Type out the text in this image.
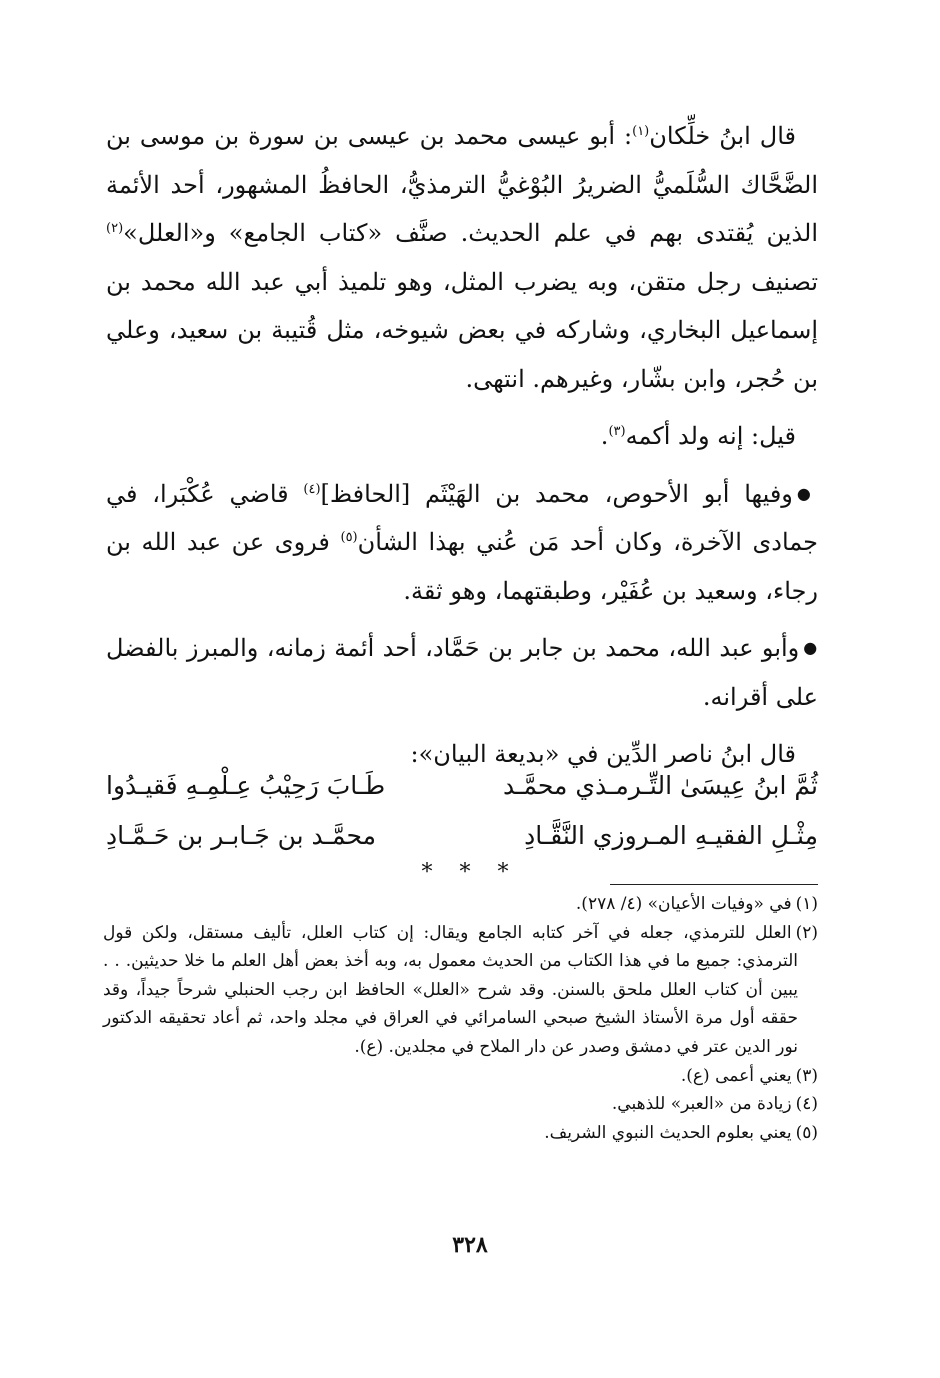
قال ابنُ خلِّكان$^{(١)}$: أبو عيسى محمد بن عيسى بن سورة بن موسى بن الضَّحَّاك السُّلَميُّ الضريرُ البُوْغيُّ الترمذيُّ، الحافظُ المشهور، أحد الأئمة الذين يُقتدى بهم في علم الحديث. صنَّف «كتاب الجامع» و«العلل»$^{(٢)}$ تصنيف رجل متقن، وبه يضرب المثل، وهو تلميذ أبي عبد الله محمد بن إسماعيل البخاري، وشاركه في بعض شيوخه، مثل قُتيبة بن سعيد، وعلي بن حُجر، وابن بشّار، وغيرهم. انتهى.

قيل: إنه ولد أكمه$^{(٣)}$.

● وفيها أبو الأحوص، محمد بن الهَيْثَم [الحافظ]$^{(٤)}$ قاضي عُكْبَرا، في جمادى الآخرة، وكان أحد مَن عُني بهذا الشأن$^{(٥)}$ فروى عن عبد الله بن رجاء، وسعيد بن عُفَيْر، وطبقتهما، وهو ثقة.

● وأبو عبد الله، محمد بن جابر بن حَمَّاد، أحد أئمة زمانه، والمبرز بالفضل على أقرانه.

قال ابنُ ناصر الدِّين في «بديعة البيان»:

ثُمَّ ابنُ عِيسَىٰ التِّـرمـذي محمَّـد
طَـابَ رَحِيْبُ عِـلْمِـهِ فَقيـدُوا
مِثْـلِ الفقيـهِ المـروزي النَّقَّـادِ
محمَّـد بن جَـابـر بن حَـمَّـادِ
* * *

(١)في «وفيات الأعيان» (٤/ ٢٧٨).

(٢)العلل للترمذي، جعله في آخر كتابه الجامع ويقال: إن كتاب العلل، تأليف مستقل، ولكن قول الترمذي: جميع ما في هذا الكتاب من الحديث معمول به، وبه أخذ بعض أهل العلم ما خلا حديثين. . . يبين أن كتاب العلل ملحق بالسنن. وقد شرح «العلل» الحافظ ابن رجب الحنبلي شرحاً جيداً، وقد حققه أول مرة الأستاذ الشيخ صبحي السامرائي في العراق في مجلد واحد، ثم أعاد تحقيقه الدكتور نور الدين عتر في دمشق وصدر عن دار الملاح في مجلدين. (ع).

(٣)يعني أعمى (ع).

(٤)زيادة من «العبر» للذهبي.

(٥)يعني بعلوم الحديث النبوي الشريف.

٣٢٨
